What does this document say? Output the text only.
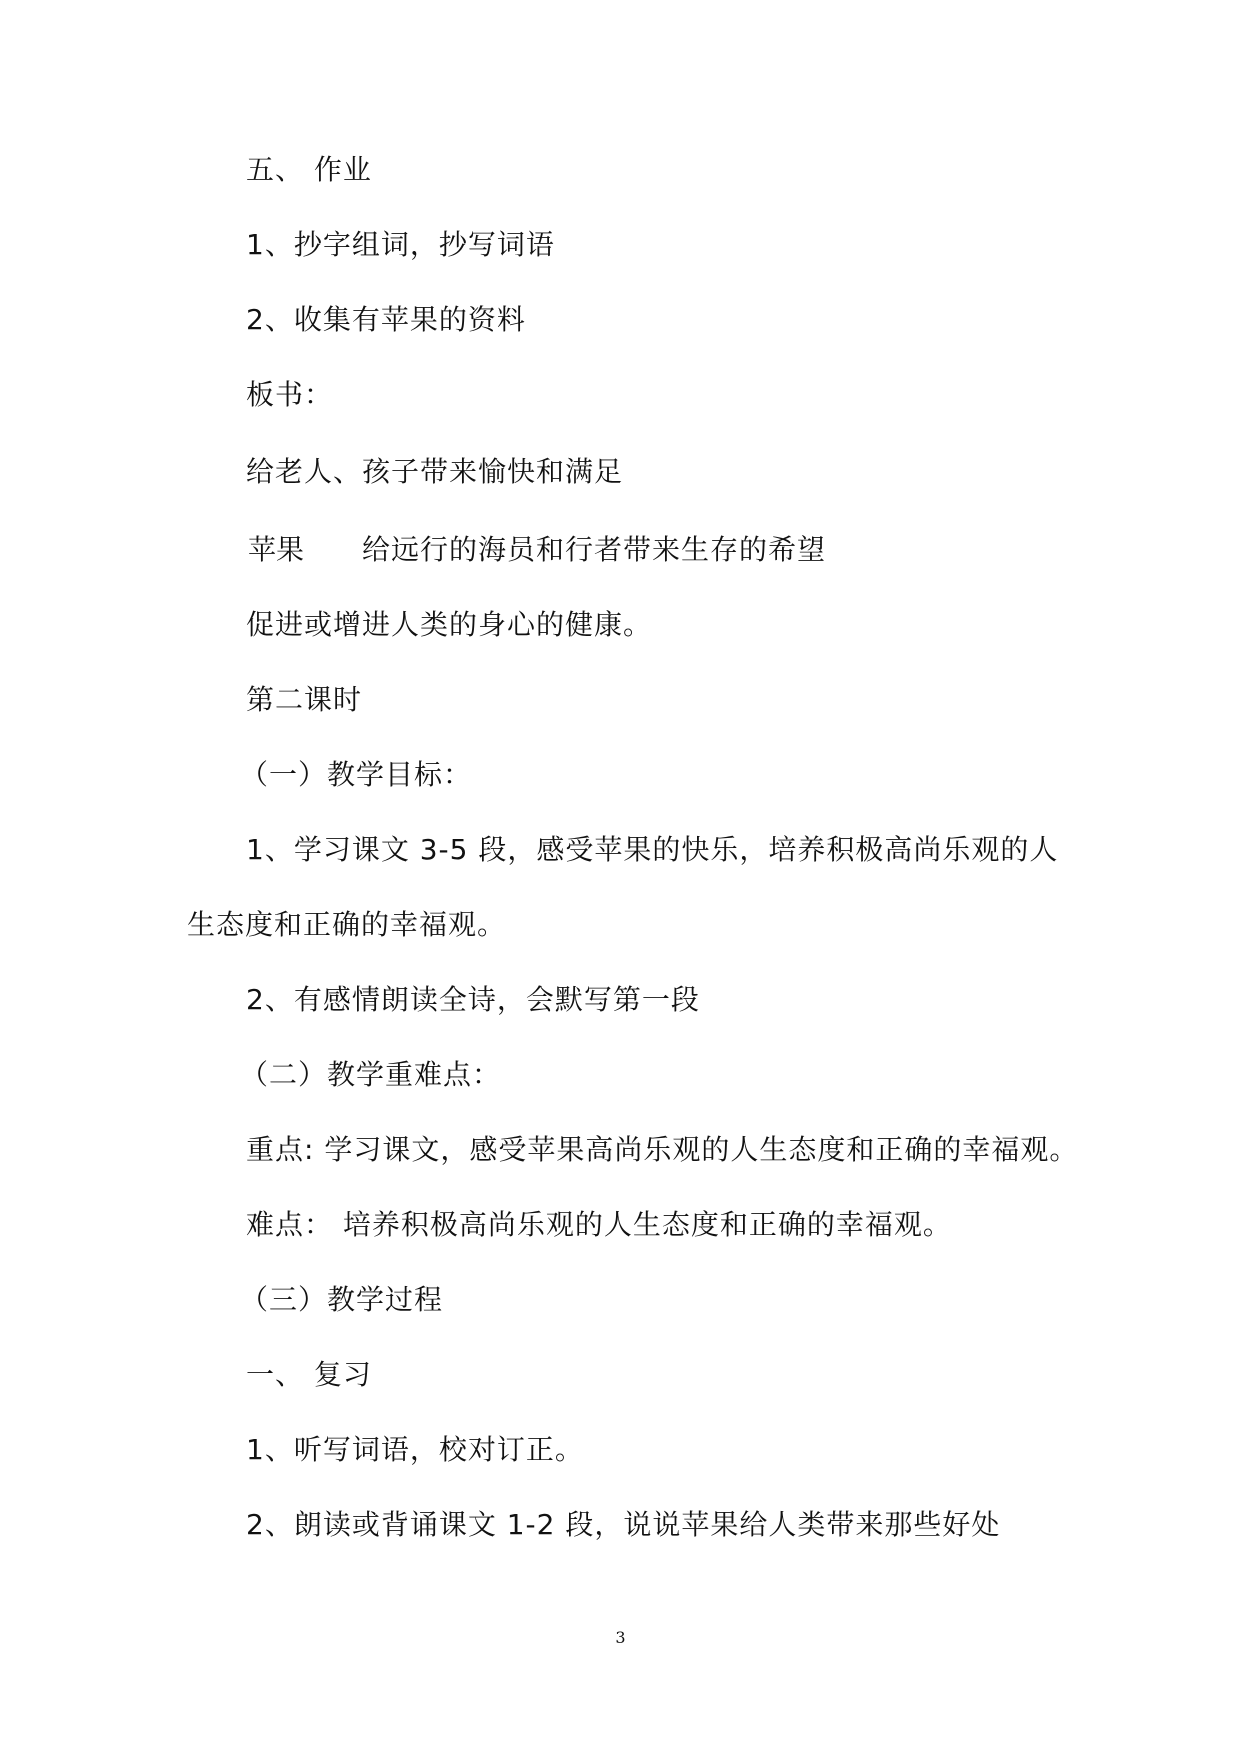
五、 作业
1、抄字组词，抄写词语
2、收集有苹果的资料
板书：
给老人、孩子带来愉快和满足
苹果 给远行的海员和行者带来生存的希望
促进或增进人类的身心的健康。
第二课时
（一）教学目标：
1、学习课文 3-5 段，感受苹果的快乐，培养积极高尚乐观的人
生态度和正确的幸福观。
2、有感情朗读全诗，会默写第一段
（二）教学重难点：
重点: 学习课文，感受苹果高尚乐观的人生态度和正确的幸福观。
难点： 培养积极高尚乐观的人生态度和正确的幸福观。
（三）教学过程
一、 复习
1、听写词语，校对订正。
2、朗读或背诵课文 1-2 段，说说苹果给人类带来那些好处
3
